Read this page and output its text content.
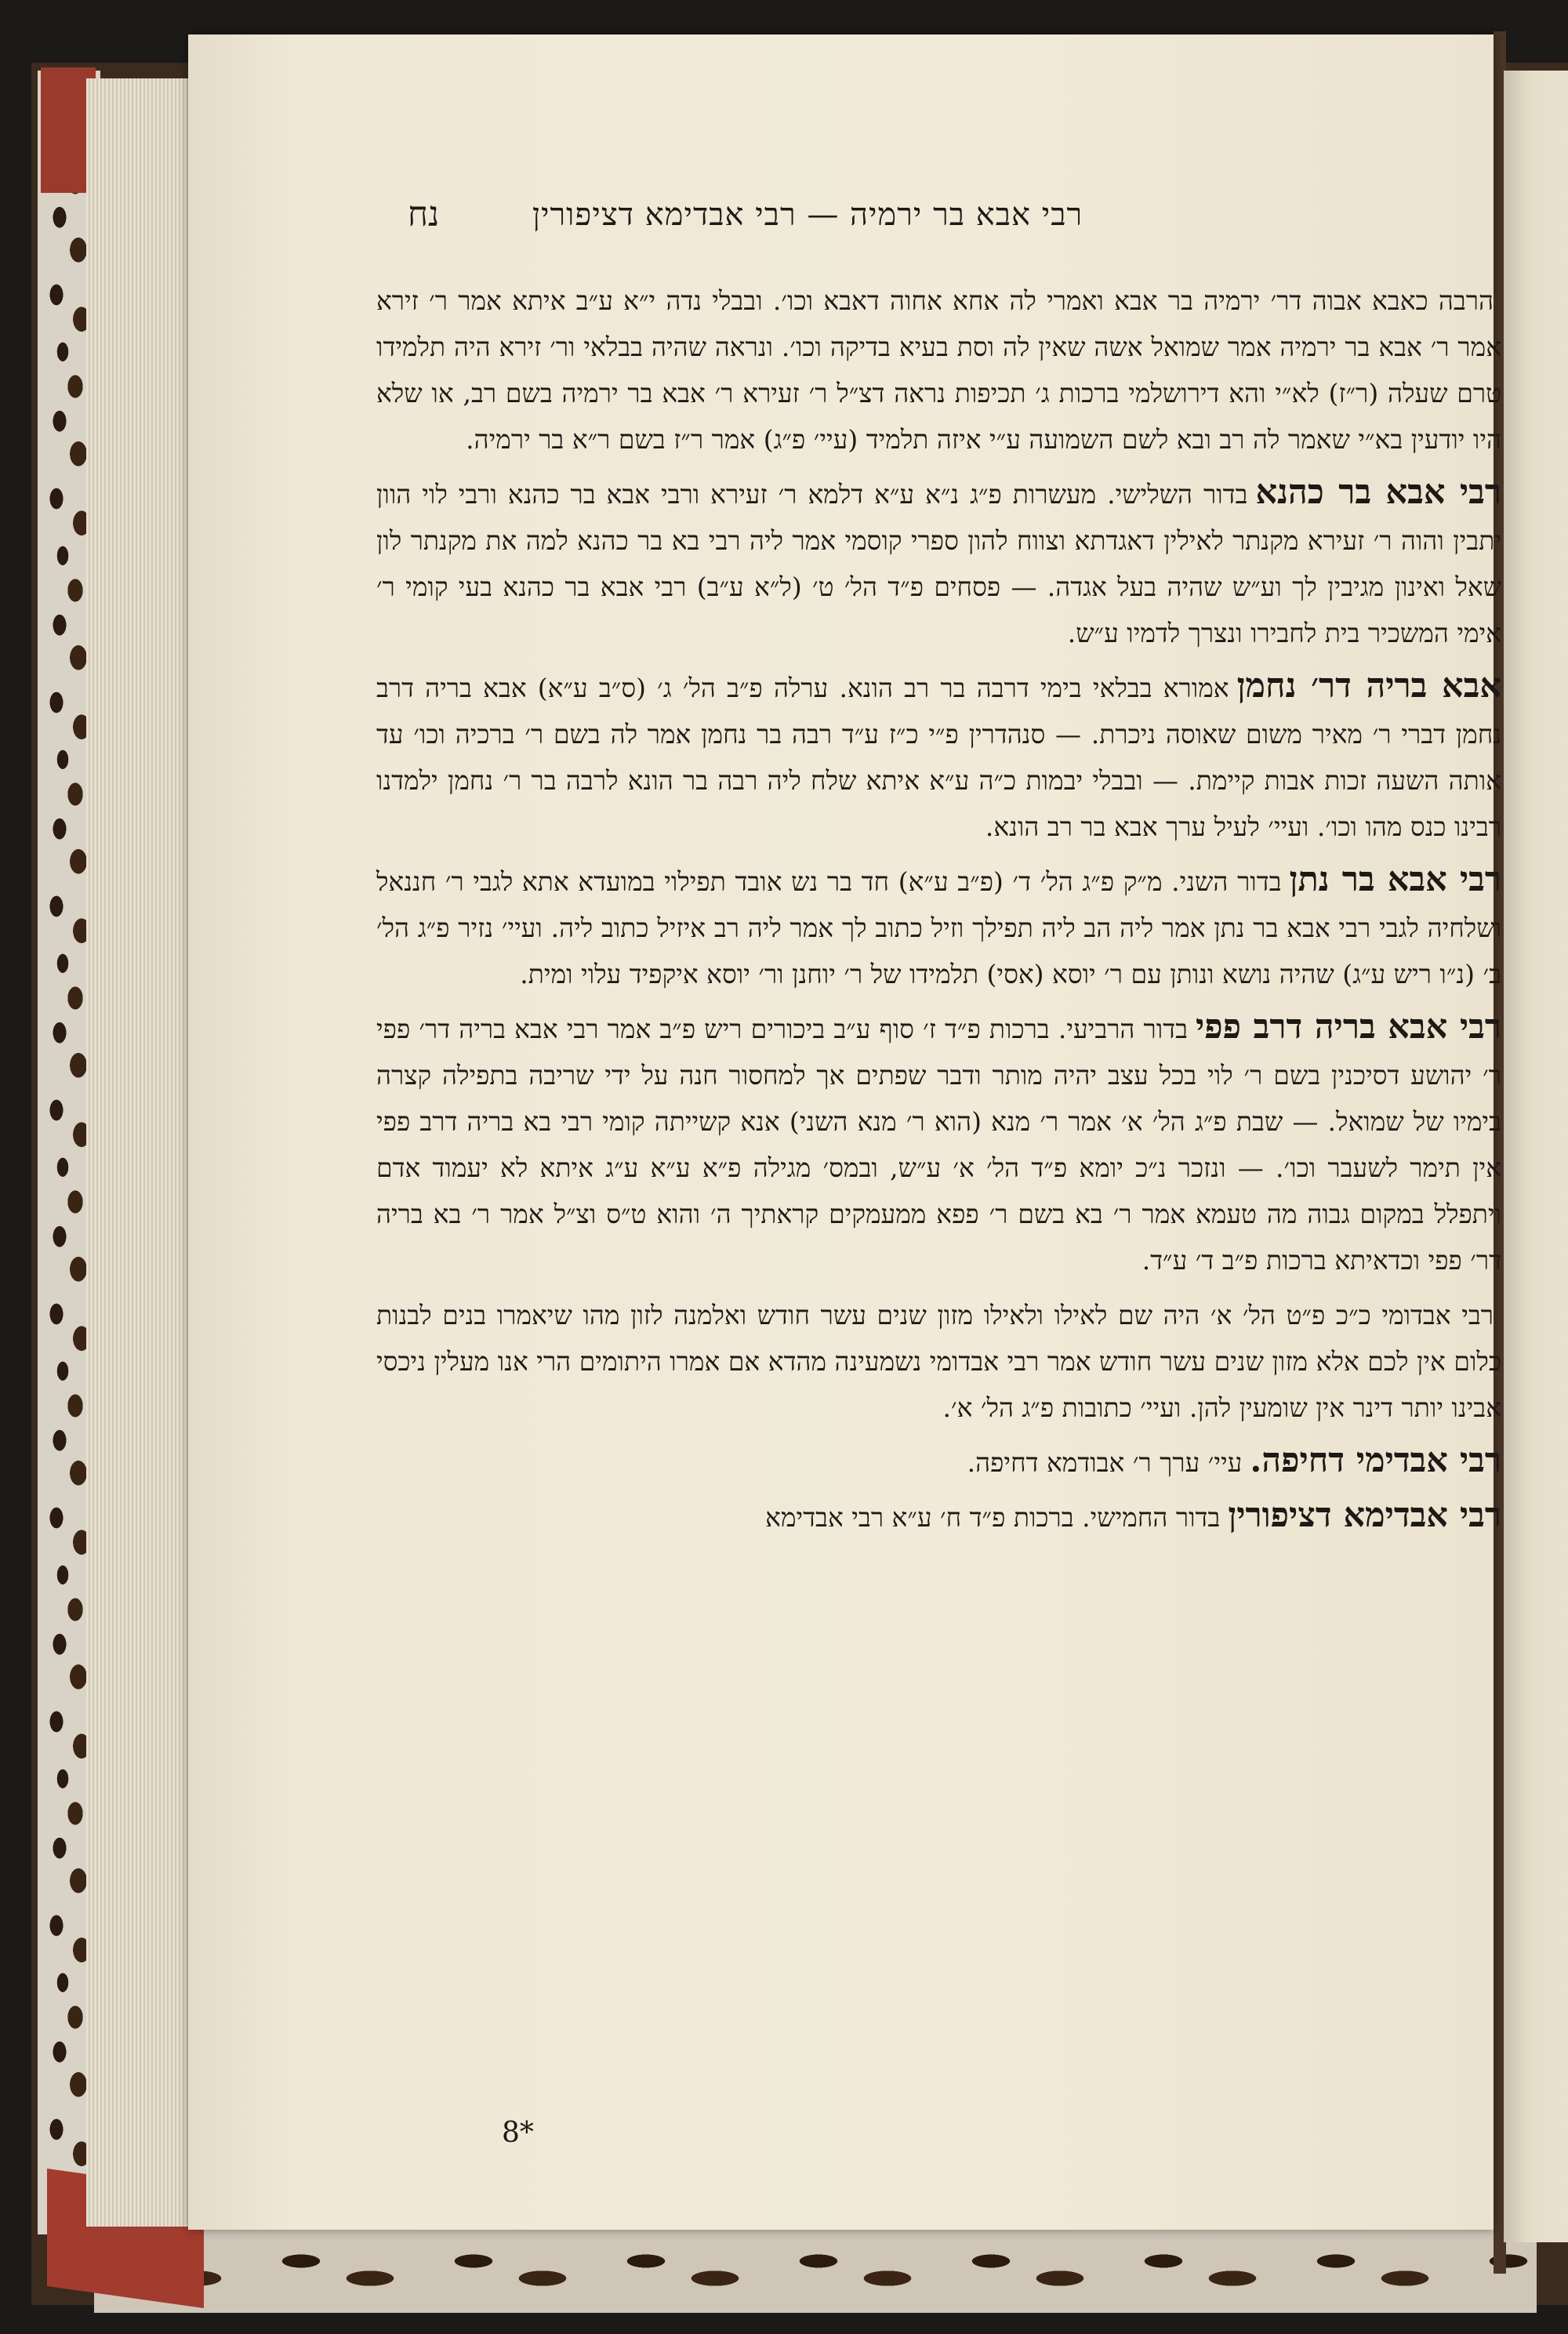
רבי אבא בר ירמיה — רבי אבדימא דציפורין
נח

הרבה כאבא אבוה דר׳ ירמיה בר אבא ואמרי לה אחא אחוה דאבא וכו׳. ובבלי נדה י״א ע״ב איתא אמר ר׳ זירא אמר ר׳ אבא בר ירמיה אמר שמואל אשה שאין לה וסת בעיא בדיקה וכו׳. ונראה שהיה בבלאי ור׳ זירא היה תלמידו טרם שעלה (ר״ז) לא״י והא דירושלמי ברכות ג׳ תכיפות נראה דצ״ל ר׳ זעירא ר׳ אבא בר ירמיה בשם רב, או שלא היו יודעין בא״י שאמר לה רב ובא לשם השמועה ע״י איזה תלמיד (עיי׳ פ״ג) אמר ר״ז בשם ר״א בר ירמיה.

רבי אבא בר כהנאבדור השלישי. מעשרות פ״ג נ״א ע״א דלמא ר׳ זעירא ורבי אבא בר כהנא ורבי לוי הוון יתבין והוה ר׳ זעירא מקנתר לאילין דאגדתא וצווח להון ספרי קוסמי אמר ליה רבי בא בר כהנא למה את מקנתר לון שאל ואינון מגיבין לך וע״ש שהיה בעל אגדה. — פסחים פ״ד הל׳ ט׳ (ל״א ע״ב) רבי אבא בר כהנא בעי קומי ר׳ אימי המשכיר בית לחבירו ונצרך לדמיו ע״ש.

אבא בריה דר׳ נחמןאמורא בבלאי בימי דרבה בר רב הונא. ערלה פ״ב הל׳ ג׳ (ס״ב ע״א) אבא בריה דרב נחמן דברי ר׳ מאיר משום שאוסה ניכרת. — סנהדרין פ״י כ״ז ע״ד רבה בר נחמן אמר לה בשם ר׳ ברכיה וכו׳ עד אותה השעה זכות אבות קיימת. — ובבלי יבמות כ״ה ע״א איתא שלח ליה רבה בר הונא לרבה בר ר׳ נחמן ילמדנו רבינו כנס מהו וכו׳. ועיי׳ לעיל ערך אבא בר רב הונא.

רבי אבא בר נתןבדור השני. מ״ק פ״ג הל׳ ד׳ (פ״ב ע״א) חד בר נש אובד תפילוי במועדא אתא לגבי ר׳ חננאל ושלחיה לגבי רבי אבא בר נתן אמר ליה הב ליה תפילך וזיל כתוב לך אמר ליה רב איזיל כתוב ליה. ועיי׳ נזיר פ״ג הל׳ ב׳ (נ״ו ריש ע״ג) שהיה נושא ונותן עם ר׳ יוסא (אסי) תלמידו של ר׳ יוחנן ור׳ יוסא איקפיד עלוי ומית.

רבי אבא בריה דרב פפיבדור הרביעי. ברכות פ״ד ז׳ סוף ע״ב ביכורים ריש פ״ב אמר רבי אבא בריה דר׳ פפי ר׳ יהושע דסיכנין בשם ר׳ לוי בכל עצב יהיה מותר ודבר שפתים אך למחסור חנה על ידי שריבה בתפילה קצרה בימיו של שמואל. — שבת פ״ג הל׳ א׳ אמר ר׳ מנא (הוא ר׳ מנא השני) אנא קשייתה קומי רבי בא בריה דרב פפי אין תימר לשעבר וכו׳. — ונזכר נ״כ יומא פ״ד הל׳ א׳ ע״ש, ובמס׳ מגילה פ״א ע״א ע״ג איתא לא יעמוד אדם ויתפלל במקום גבוה מה טעמא אמר ר׳ בא בשם ר׳ פפא ממעמקים קראתיך ה׳ והוא ט״ס וצ״ל אמר ר׳ בא בריה דר׳ פפי וכדאיתא ברכות פ״ב ד׳ ע״ד.

רבי אבדומי כ״כ פ״ט הל׳ א׳ היה שם לאילו ולאילו מזון שנים עשר חודש ואלמנה לזון מהו שיאמרו בנים לבנות כלום אין לכם אלא מזון שנים עשר חודש אמר רבי אבדומי נשמעינה מהדא אם אמרו היתומים הרי אנו מעלין ניכסי אבינו יותר דינר אין שומעין להן. ועיי׳ כתובות פ״ג הל׳ א׳.

רבי אבדימי דחיפה.עיי׳ ערך ר׳ אבודמא דחיפה.

רבי אבדימא דציפוריןבדור החמישי. ברכות פ״ד ח׳ ע״א רבי אבדימא

8*
